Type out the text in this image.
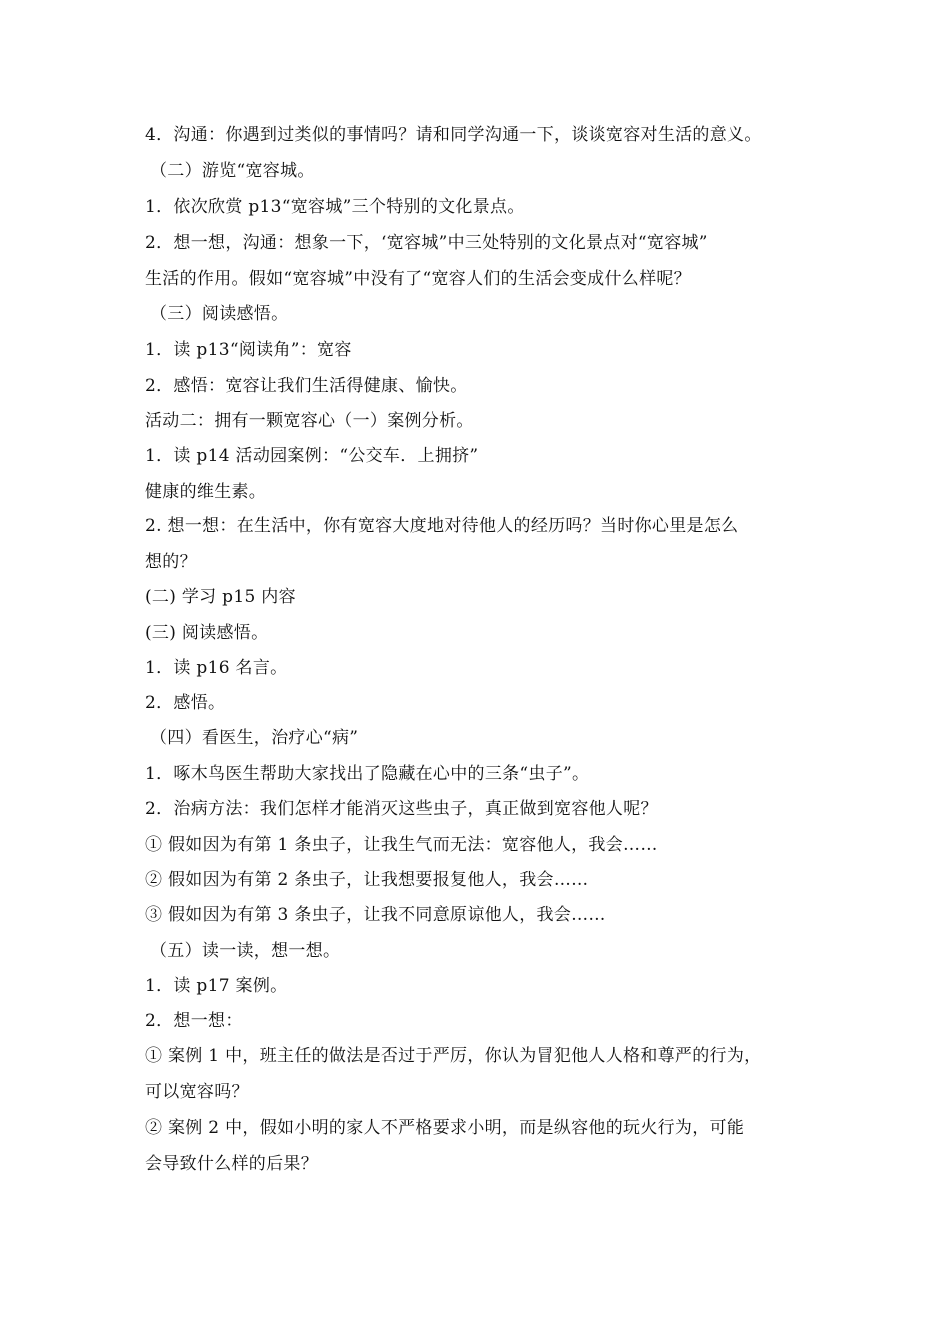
4．沟通：你遇到过类似的事情吗？请和同学沟通一下，谈谈宽容对生活的意义。
（二）游览“宽容城。
1．依次欣赏 p13“宽容城”三个特别的文化景点。
2．想一想，沟通：想象一下，‘宽容城”中三处特别的文化景点对“宽容城”
生活的作用。假如“宽容城”中没有了“宽容人们的生活会变成什么样呢？
（三）阅读感悟。
1．读 p13“阅读角”：宽容
2．感悟：宽容让我们生活得健康、愉快。
活动二：拥有一颗宽容心（一）案例分析。
1．读 p14 活动园案例：“公交车．上拥挤”
健康的维生素。
2. 想一想：在生活中，你有宽容大度地对待他人的经历吗？当时你心里是怎么
想的？
(二) 学习 p15 内容
(三) 阅读感悟。
1．读 p16 名言。
2．感悟。
（四）看医生，治疗心“病”
1．啄木鸟医生帮助大家找出了隐藏在心中的三条“虫子”。
2．治病方法：我们怎样才能消灭这些虫子，真正做到宽容他人呢？
① 假如因为有第 1 条虫子，让我生气而无法：宽容他人，我会……
② 假如因为有第 2 条虫子，让我想要报复他人，我会……
③ 假如因为有第 3 条虫子，让我不同意原谅他人，我会……
（五）读一读，想一想。
1．读 p17 案例。
2．想一想：
① 案例 1 中，班主任的做法是否过于严厉，你认为冒犯他人人格和尊严的行为，
可以宽容吗？
② 案例 2 中，假如小明的家人不严格要求小明，而是纵容他的玩火行为，可能
会导致什么样的后果？
